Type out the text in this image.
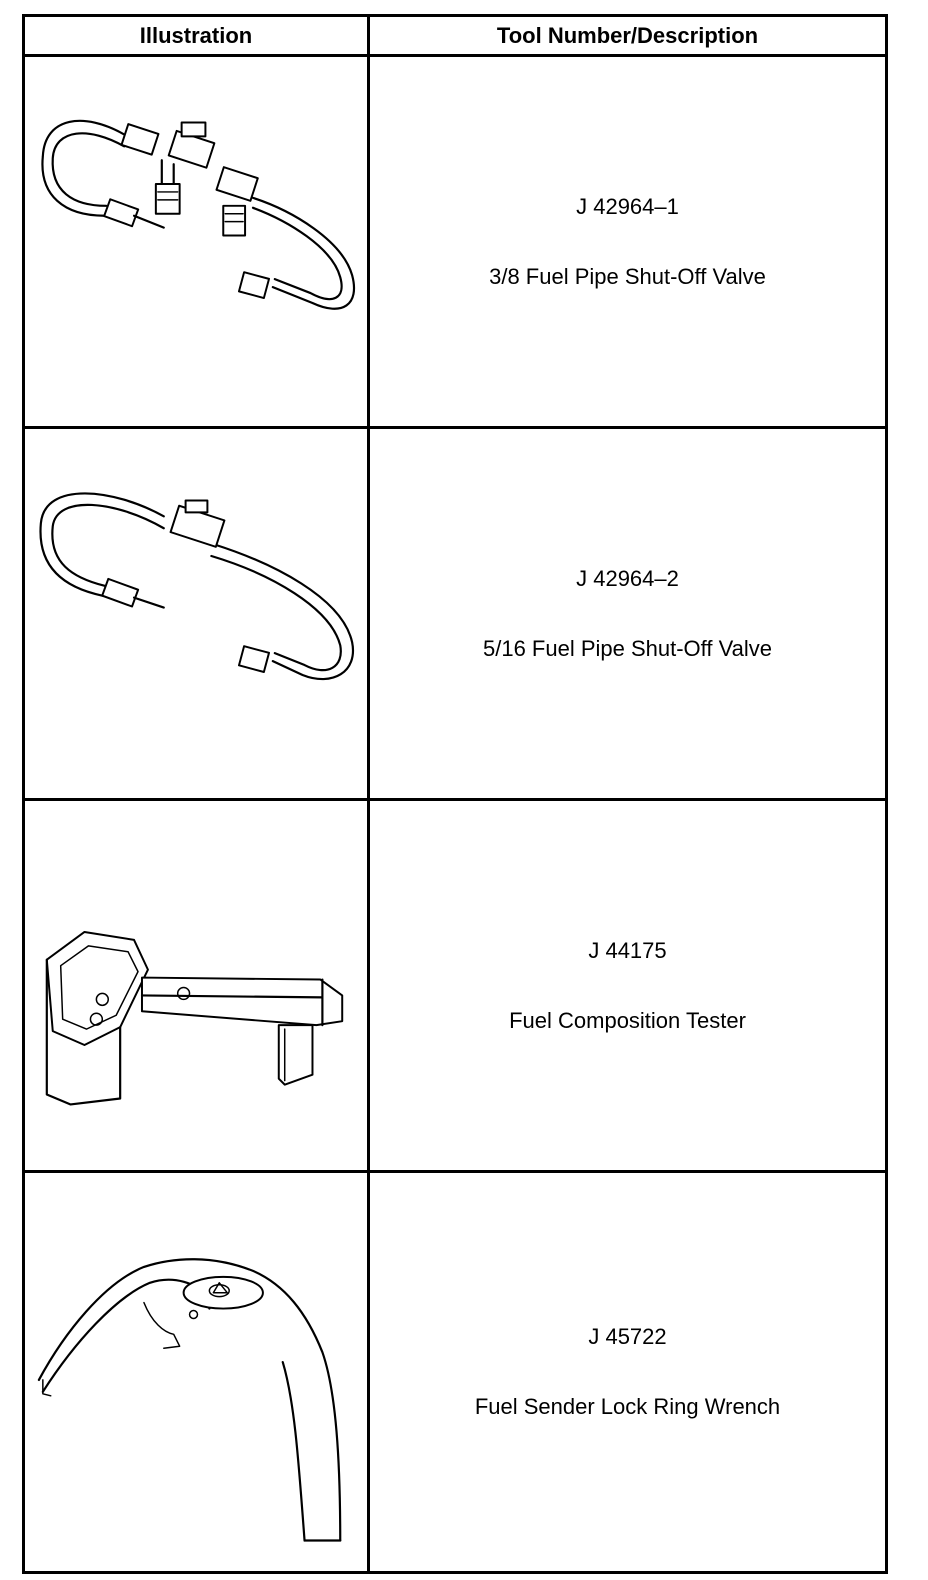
Illustration	Tool Number/Description
J 42964–1
3/8 Fuel Pipe Shut-Off Valve
J 42964–2
5/16 Fuel Pipe Shut-Off Valve
J 44175
Fuel Composition Tester
J 45722
Fuel Sender Lock Ring Wrench
